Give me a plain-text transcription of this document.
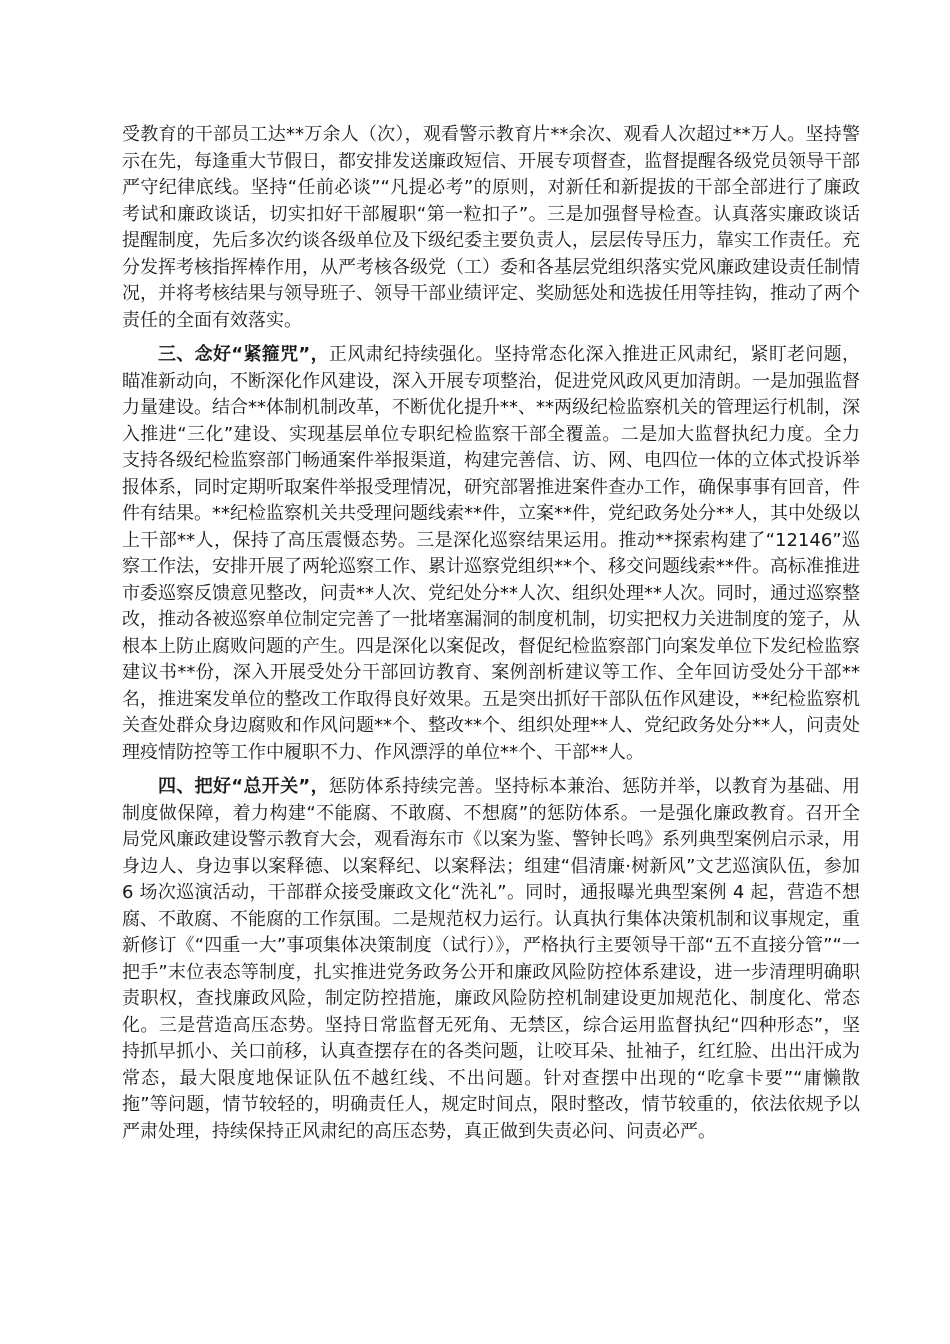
受教育的干部员工达**万余人（次），观看警示教育片**余次、观看人次超过**万人。坚持警示在先，每逢重大节假日，都安排发送廉政短信、开展专项督查，监督提醒各级党员领导干部严守纪律底线。坚持“任前必谈”“凡提必考”的原则，对新任和新提拔的干部全部进行了廉政考试和廉政谈话，切实扣好干部履职“第一粒扣子”。三是加强督导检查。认真落实廉政谈话提醒制度，先后多次约谈各级单位及下级纪委主要负责人，层层传导压力，靠实工作责任。充分发挥考核指挥棒作用，从严考核各级党（工）委和各基层党组织落实党风廉政建设责任制情况，并将考核结果与领导班子、领导干部业绩评定、奖励惩处和选拔任用等挂钩，推动了两个责任的全面有效落实。

三、念好“紧箍咒”，正风肃纪持续强化。坚持常态化深入推进正风肃纪，紧盯老问题，瞄准新动向，不断深化作风建设，深入开展专项整治，促进党风政风更加清朗。一是加强监督力量建设。结合**体制机制改革，不断优化提升**、**两级纪检监察机关的管理运行机制，深入推进“三化”建设、实现基层单位专职纪检监察干部全覆盖。二是加大监督执纪力度。全力支持各级纪检监察部门畅通案件举报渠道，构建完善信、访、网、电四位一体的立体式投诉举报体系，同时定期听取案件举报受理情况，研究部署推进案件查办工作，确保事事有回音，件件有结果。**纪检监察机关共受理问题线索**件，立案**件，党纪政务处分**人，其中处级以上干部**人，保持了高压震慑态势。三是深化巡察结果运用。推动**探索构建了“12146”巡察工作法，安排开展了两轮巡察工作、累计巡察党组织**个、移交问题线索**件。高标准推进市委巡察反馈意见整改，问责**人次、党纪处分**人次、组织处理**人次。同时，通过巡察整改，推动各被巡察单位制定完善了一批堵塞漏洞的制度机制，切实把权力关进制度的笼子，从根本上防止腐败问题的产生。四是深化以案促改，督促纪检监察部门向案发单位下发纪检监察建议书**份，深入开展受处分干部回访教育、案例剖析建议等工作、全年回访受处分干部**名，推进案发单位的整改工作取得良好效果。五是突出抓好干部队伍作风建设，**纪检监察机关查处群众身边腐败和作风问题**个、整改**个、组织处理**人、党纪政务处分**人，问责处理疫情防控等工作中履职不力、作风漂浮的单位**个、干部**人。

四、把好“总开关”，惩防体系持续完善。坚持标本兼治、惩防并举，以教育为基础、用制度做保障，着力构建“不能腐、不敢腐、不想腐”的惩防体系。一是强化廉政教育。召开全局党风廉政建设警示教育大会，观看海东市《以案为鉴、警钟长鸣》系列典型案例启示录，用身边人、身边事以案释德、以案释纪、以案释法；组建“倡清廉·树新风”文艺巡演队伍，参加 6 场次巡演活动，干部群众接受廉政文化“洗礼”。同时，通报曝光典型案例 4 起，营造不想腐、不敢腐、不能腐的工作氛围。二是规范权力运行。认真执行集体决策机制和议事规定，重新修订《“四重一大”事项集体决策制度（试行）》，严格执行主要领导干部“五不直接分管”“一把手”末位表态等制度，扎实推进党务政务公开和廉政风险防控体系建设，进一步清理明确职责职权，查找廉政风险，制定防控措施，廉政风险防控机制建设更加规范化、制度化、常态化。三是营造高压态势。坚持日常监督无死角、无禁区，综合运用监督执纪“四种形态”，坚持抓早抓小、关口前移，认真查摆存在的各类问题，让咬耳朵、扯袖子，红红脸、出出汗成为常态，最大限度地保证队伍不越红线、不出问题。针对查摆中出现的“吃拿卡要”“庸懒散拖”等问题，情节较轻的，明确责任人，规定时间点，限时整改，情节较重的，依法依规予以严肃处理，持续保持正风肃纪的高压态势，真正做到失责必问、问责必严。
